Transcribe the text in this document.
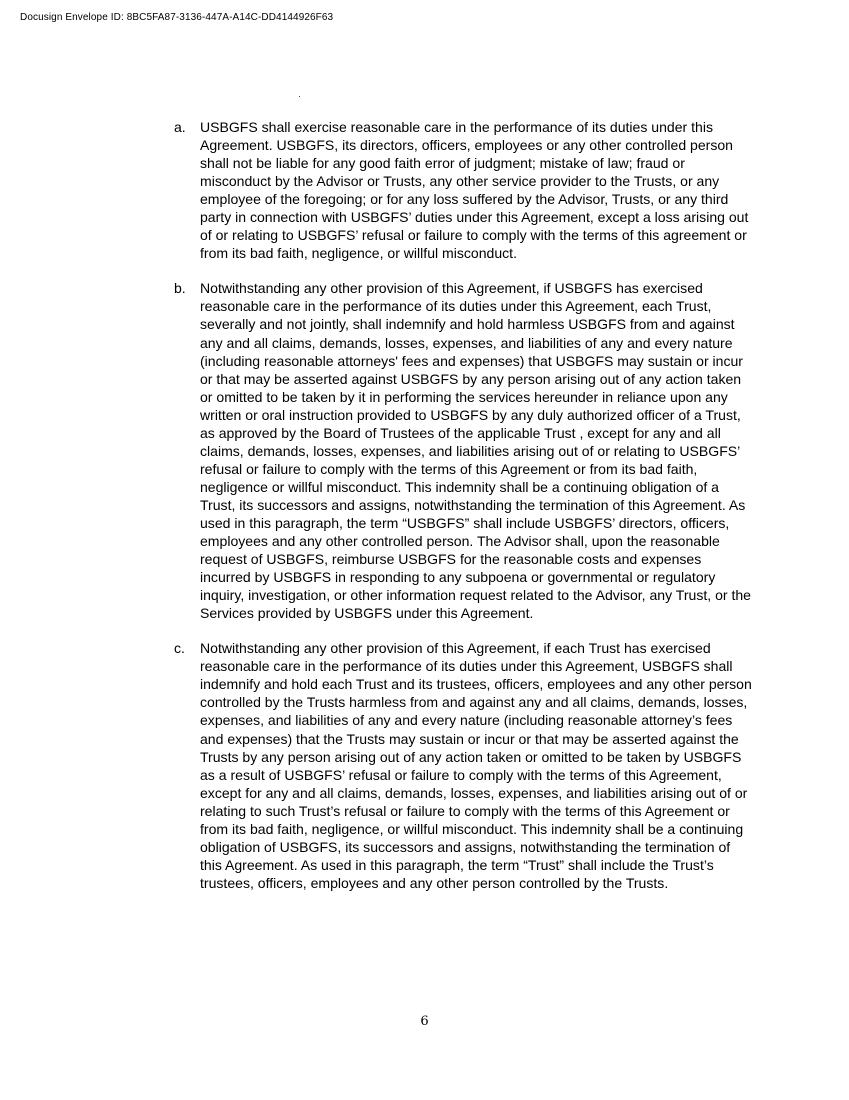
Docusign Envelope ID: 8BC5FA87-3136-447A-A14C-DD4144926F63
a.	USBGFS shall exercise reasonable care in the performance of its duties under this Agreement. USBGFS, its directors, officers, employees or any other controlled person shall not be liable for any good faith error of judgment; mistake of law; fraud or misconduct by the Advisor or Trusts, any other service provider to the Trusts, or any employee of the foregoing; or for any loss suffered by the Advisor, Trusts, or any third party in connection with USBGFS’ duties under this Agreement, except a loss arising out of or relating to USBGFS’ refusal or failure to comply with the terms of this agreement or from its bad faith, negligence, or willful misconduct.

b.	Notwithstanding any other provision of this Agreement, if USBGFS has exercised reasonable care in the performance of its duties under this Agreement, each Trust, severally and not jointly, shall indemnify and hold harmless USBGFS from and against any and all claims, demands, losses, expenses, and liabilities of any and every nature (including reasonable attorneys' fees and expenses) that USBGFS may sustain or incur or that may be asserted against USBGFS by any person arising out of any action taken or omitted to be taken by it in performing the services hereunder in reliance upon any written or oral instruction provided to USBGFS by any duly authorized officer of a Trust, as approved by the Board of Trustees of the applicable Trust , except for any and all claims, demands, losses, expenses, and liabilities arising out of or relating to USBGFS’ refusal or failure to comply with the terms of this Agreement or from its bad faith, negligence or willful misconduct. This indemnity shall be a continuing obligation of a Trust, its successors and assigns, notwithstanding the termination of this Agreement. As used in this paragraph, the term “USBGFS” shall include USBGFS’ directors, officers, employees and any other controlled person. The Advisor shall, upon the reasonable request of USBGFS, reimburse USBGFS for the reasonable costs and expenses incurred by USBGFS in responding to any subpoena or governmental or regulatory inquiry, investigation, or other information request related to the Advisor, any Trust, or the Services provided by USBGFS under this Agreement.

c.	Notwithstanding any other provision of this Agreement, if each Trust has exercised reasonable care in the performance of its duties under this Agreement, USBGFS shall indemnify and hold each Trust and its trustees, officers, employees and any other person controlled by the Trusts harmless from and against any and all claims, demands, losses, expenses, and liabilities of any and every nature (including reasonable attorney’s fees and expenses) that the Trusts may sustain or incur or that may be asserted against the Trusts by any person arising out of any action taken or omitted to be taken by USBGFS as a result of USBGFS’ refusal or failure to comply with the terms of this Agreement, except for any and all claims, demands, losses, expenses, and liabilities arising out of or relating to such Trust’s refusal or failure to comply with the terms of this Agreement or from its bad faith, negligence, or willful misconduct. This indemnity shall be a continuing obligation of USBGFS, its successors and assigns, notwithstanding the termination of this Agreement. As used in this paragraph, the term “Trust” shall include the Trust’s trustees, officers, employees and any other person controlled by the Trusts.

6
